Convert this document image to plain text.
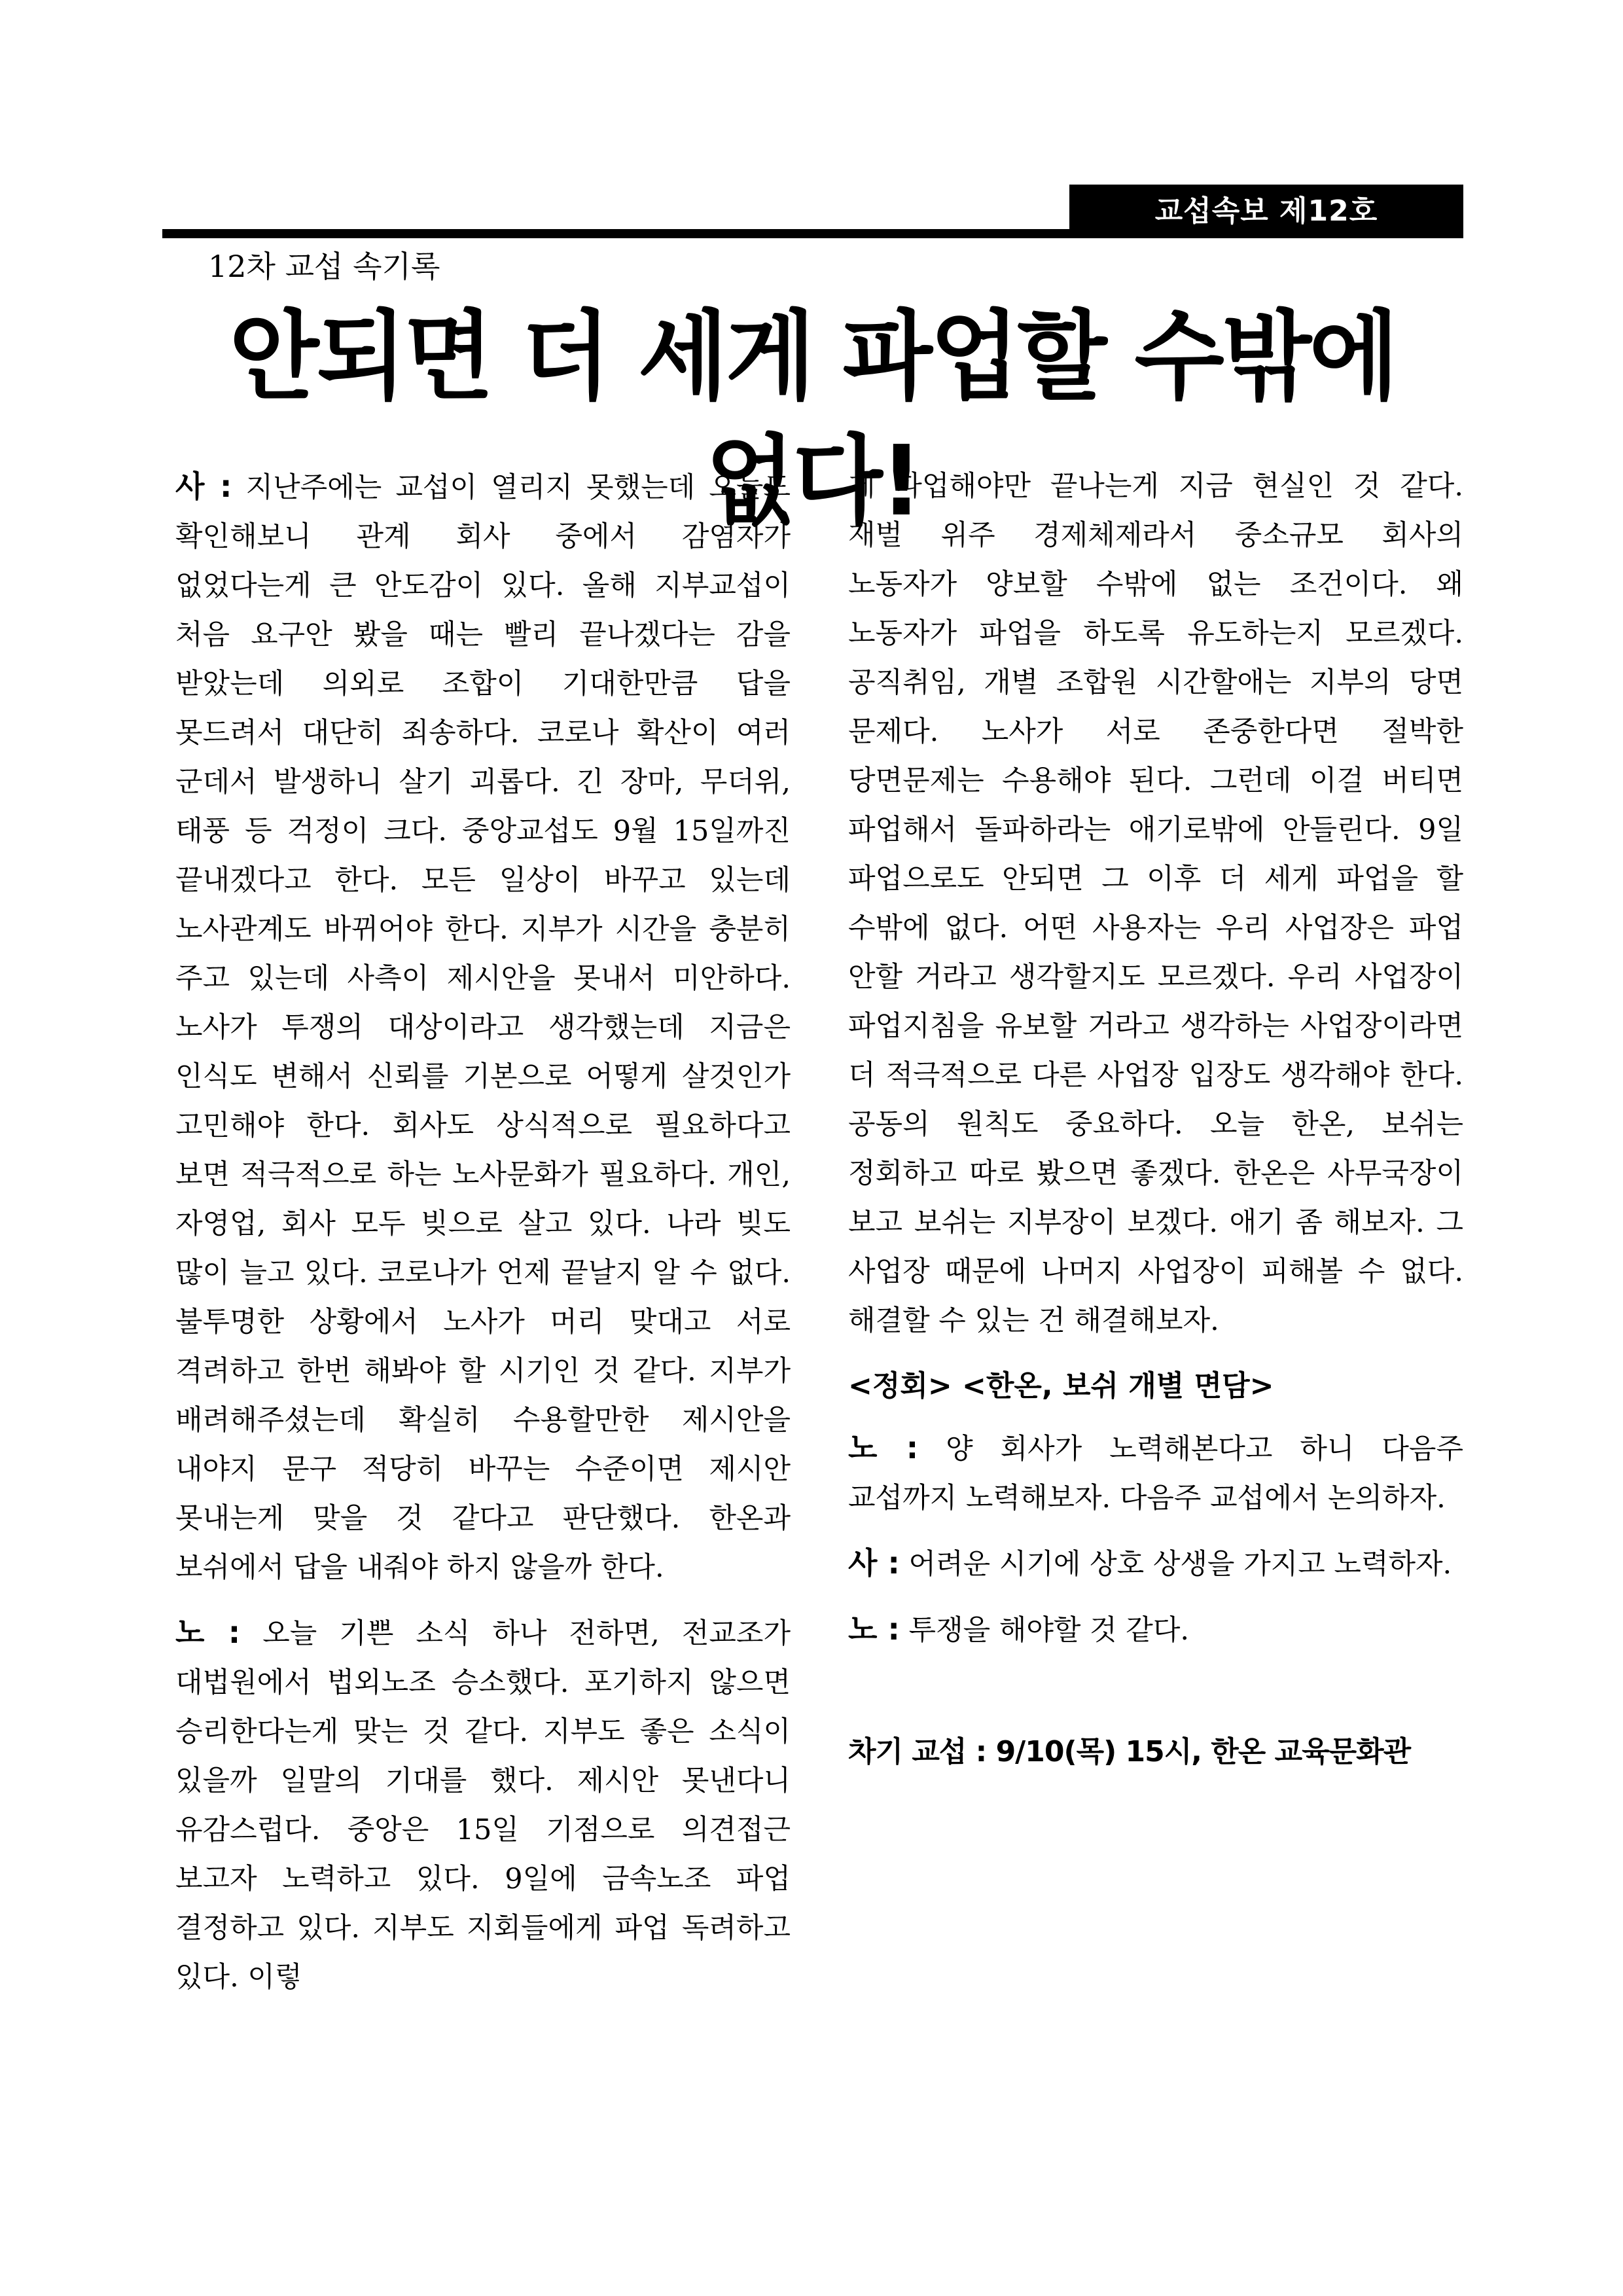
교섭속보 제12호
12차 교섭 속기록
안되면 더 세게 파업할 수밖에 없다!

사 : 지난주에는 교섭이 열리지 못했는데 오늘도 확인해보니 관계 회사 중에서 감염자가 없었다는게 큰 안도감이 있다. 올해 지부교섭이 처음 요구안 봤을 때는 빨리 끝나겠다는 감을 받았는데 의외로 조합이 기대한만큼 답을 못드려서 대단히 죄송하다. 코로나 확산이 여러 군데서 발생하니 살기 괴롭다. 긴 장마, 무더위, 태풍 등 걱정이 크다. 중앙교섭도 9월 15일까진 끝내겠다고 한다. 모든 일상이 바꾸고 있는데 노사관계도 바뀌어야 한다. 지부가 시간을 충분히 주고 있는데 사측이 제시안을 못내서 미안하다. 노사가 투쟁의 대상이라고 생각했는데 지금은 인식도 변해서 신뢰를 기본으로 어떻게 살것인가 고민해야 한다. 회사도 상식적으로 필요하다고 보면 적극적으로 하는 노사문화가 필요하다. 개인, 자영업, 회사 모두 빚으로 살고 있다. 나라 빚도 많이 늘고 있다. 코로나가 언제 끝날지 알 수 없다. 불투명한 상황에서 노사가 머리 맞대고 서로 격려하고 한번 해봐야 할 시기인 것 같다. 지부가 배려해주셨는데 확실히 수용할만한 제시안을 내야지 문구 적당히 바꾸는 수준이면 제시안 못내는게 맞을 것 같다고 판단했다. 한온과 보쉬에서 답을 내줘야 하지 않을까 한다.

노 : 오늘 기쁜 소식 하나 전하면, 전교조가 대법원에서 법외노조 승소했다. 포기하지 않으면 승리한다는게 맞는 것 같다. 지부도 좋은 소식이 있을까 일말의 기대를 했다. 제시안 못낸다니 유감스럽다. 중앙은 15일 기점으로 의견접근 보고자 노력하고 있다. 9일에 금속노조 파업 결정하고 있다. 지부도 지회들에게 파업 독려하고 있다. 이렇

게 파업해야만 끝나는게 지금 현실인 것 같다. 재벌 위주 경제체제라서 중소규모 회사의 노동자가 양보할 수밖에 없는 조건이다. 왜 노동자가 파업을 하도록 유도하는지 모르겠다. 공직취임, 개별 조합원 시간할애는 지부의 당면 문제다. 노사가 서로 존중한다면 절박한 당면문제는 수용해야 된다. 그런데 이걸 버티면 파업해서 돌파하라는 애기로밖에 안들린다. 9일 파업으로도 안되면 그 이후 더 세게 파업을 할 수밖에 없다. 어떤 사용자는 우리 사업장은 파업 안할 거라고 생각할지도 모르겠다. 우리 사업장이 파업지침을 유보할 거라고 생각하는 사업장이라면 더 적극적으로 다른 사업장 입장도 생각해야 한다. 공동의 원칙도 중요하다. 오늘 한온, 보쉬는 정회하고 따로 봤으면 좋겠다. 한온은 사무국장이 보고 보쉬는 지부장이 보겠다. 애기 좀 해보자. 그 사업장 때문에 나머지 사업장이 피해볼 수 없다. 해결할 수 있는 건 해결해보자.

<정회> <한온, 보쉬 개별 면담>

노 : 양 회사가 노력해본다고 하니 다음주 교섭까지 노력해보자. 다음주 교섭에서 논의하자.

사 : 어려운 시기에 상호 상생을 가지고 노력하자.

노 : 투쟁을 해야할 것 같다.

차기 교섭 : 9/10(목) 15시, 한온 교육문화관
